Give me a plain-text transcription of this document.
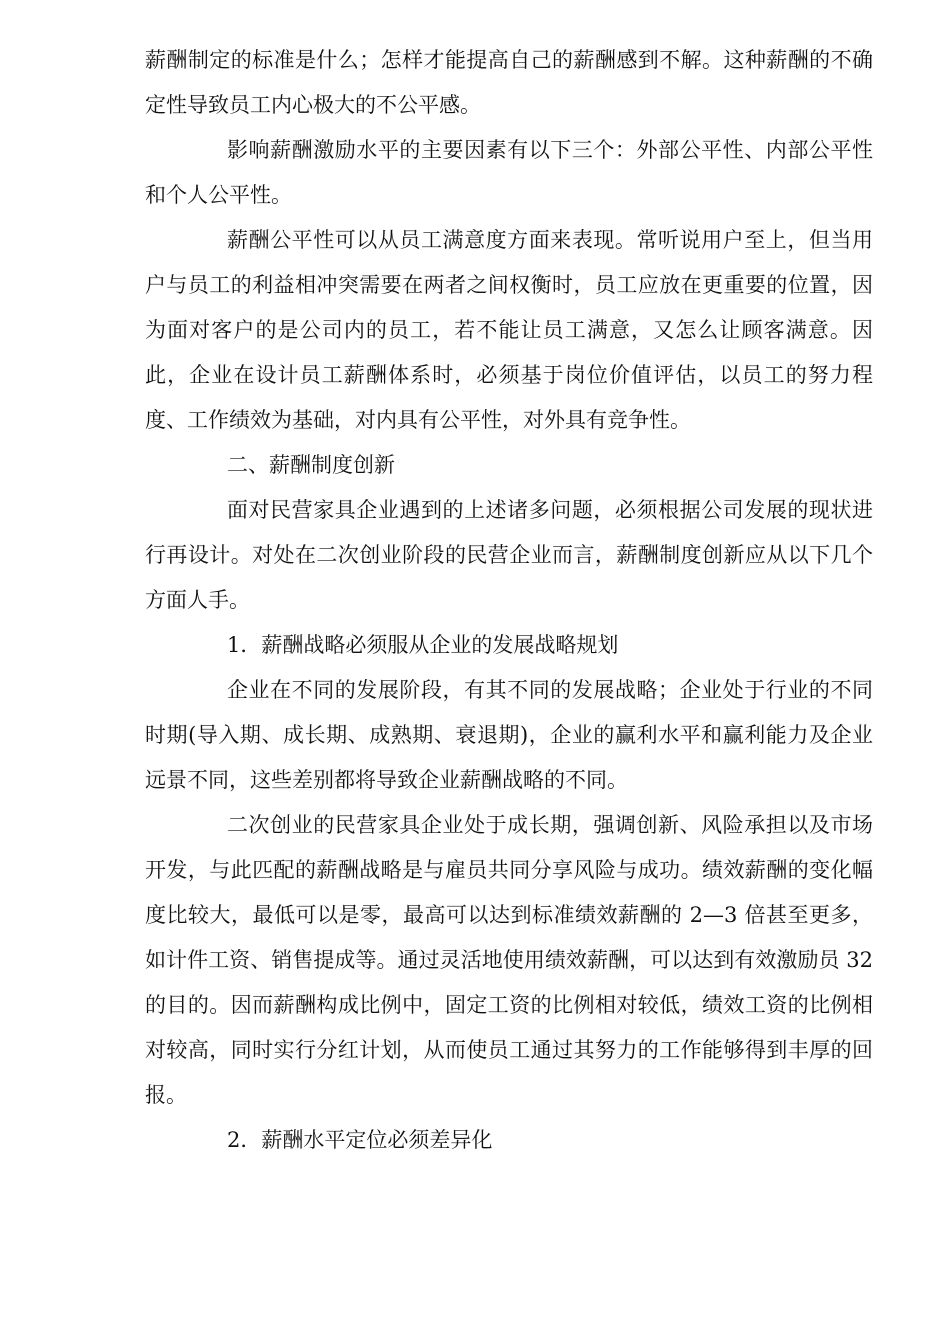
薪酬制定的标准是什么；怎样才能提高自己的薪酬感到不解。这种薪酬的不确定性导致员工内心极大的不公平感。

影响薪酬激励水平的主要因素有以下三个：外部公平性、内部公平性和个人公平性。

薪酬公平性可以从员工满意度方面来表现。常听说用户至上，但当用户与员工的利益相冲突需要在两者之间权衡时，员工应放在更重要的位置，因为面对客户的是公司内的员工，若不能让员工满意，又怎么让顾客满意。因此，企业在设计员工薪酬体系时，必须基于岗位价值评估，以员工的努力程度、工作绩效为基础，对内具有公平性，对外具有竞争性。

二、薪酬制度创新

面对民营家具企业遇到的上述诸多问题，必须根据公司发展的现状进行再设计。对处在二次创业阶段的民营企业而言，薪酬制度创新应从以下几个方面人手。

1．薪酬战略必须服从企业的发展战略规划

企业在不同的发展阶段，有其不同的发展战略；企业处于行业的不同时期(导入期、成长期、成熟期、衰退期)，企业的赢利水平和赢利能力及企业远景不同，这些差别都将导致企业薪酬战略的不同。

二次创业的民营家具企业处于成长期，强调创新、风险承担以及市场开发，与此匹配的薪酬战略是与雇员共同分享风险与成功。绩效薪酬的变化幅度比较大，最低可以是零，最高可以达到标准绩效薪酬的 2—3 倍甚至更多，如计件工资、销售提成等。通过灵活地使用绩效薪酬，可以达到有效激励员 32 的目的。因而薪酬构成比例中，固定工资的比例相对较低，绩效工资的比例相对较高，同时实行分红计划，从而使员工通过其努力的工作能够得到丰厚的回报。

2．薪酬水平定位必须差异化
